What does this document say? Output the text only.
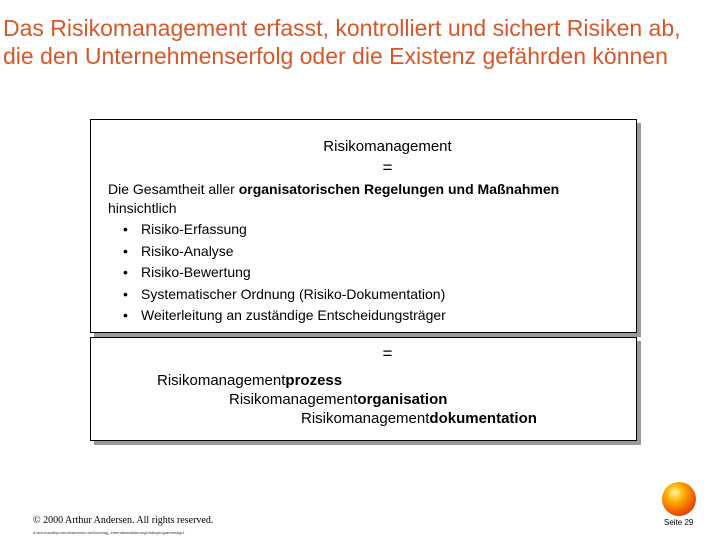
Das Risikomanagement erfasst, kontrolliert und sichert Risiken ab, die den Unternehmenserfolg oder die Existenz gefährden können
Risikomanagement
=
Die Gesamtheit aller organisatorischen Regelungen und Maßnahmen
hinsichtlich
• Risiko-Erfassung
• Risiko-Analyse
• Risiko-Bewertung
• Systematischer Ordnung (Risiko-Dokumentation)
• Weiterleitung an zuständige Entscheidungsträger
=
Risikomanagementprozess
Risikomanagementorganisation
Risikomanagementdokumentation
© 2000 Arthur Andersen. All rights reserved.
d:\sm-mandi\promo\kramer\sv-bw0\vortrag_internationalisierung\risikoprogrammstyp1
Seite 29
